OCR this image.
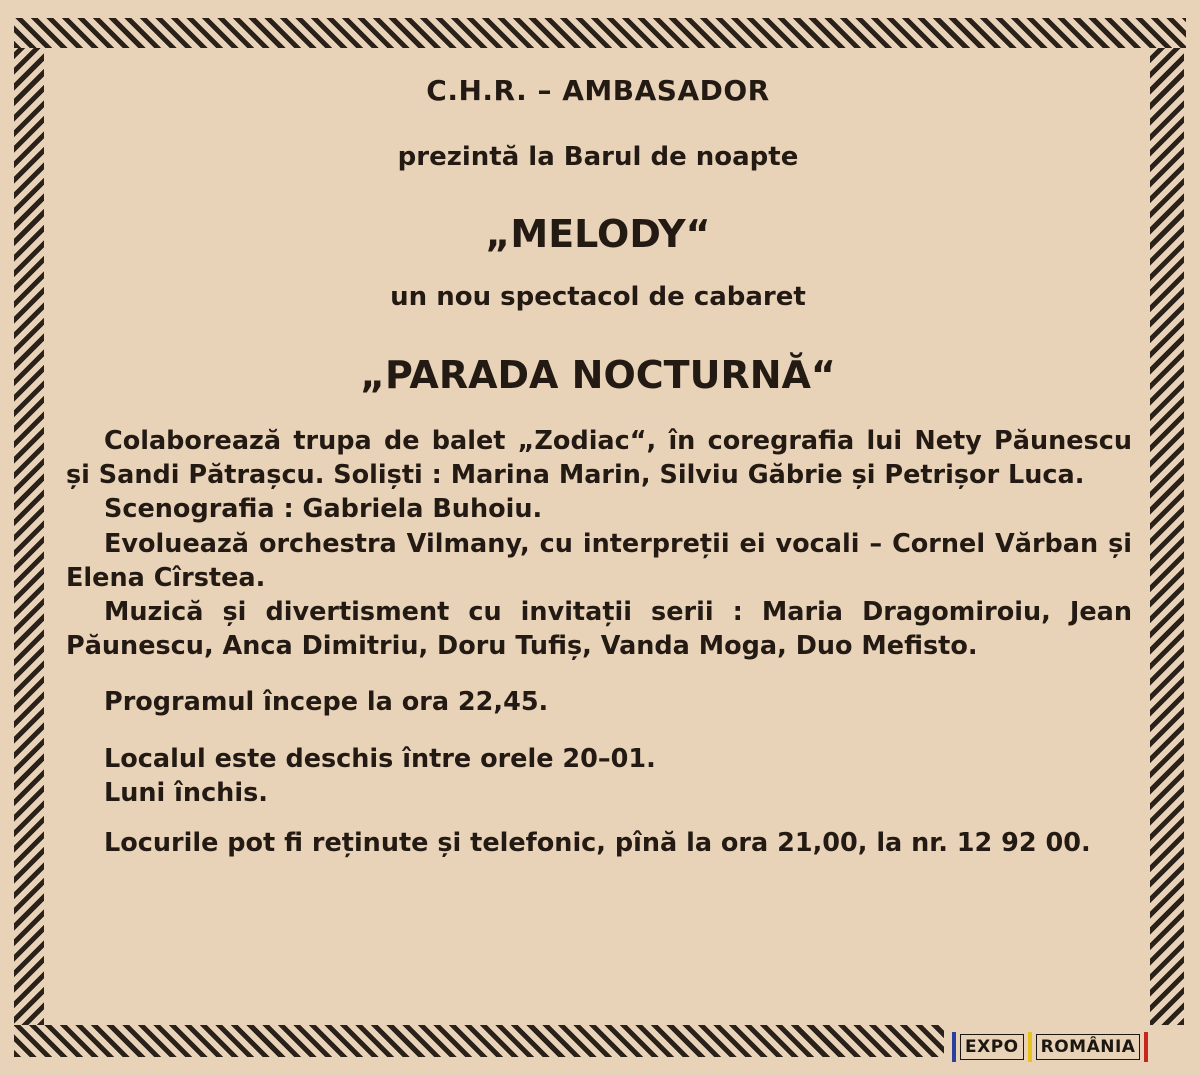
C.H.R. – AMBASADOR
prezintă la Barul de noapte
„MELODY“
un nou spectacol de cabaret
„PARADA NOCTURNĂ“

Colaborează trupa de balet „Zodiac“, în coregrafia lui Nety Păunescu și Sandi Pătrașcu. Soliști : Marina Marin, Silviu Găbrie și Petrișor Luca.

Scenografia : Gabriela Buhoiu.

Evoluează orchestra Vilmany, cu interpreții ei vocali – Cornel Vărban și Elena Cîrstea.

Muzică și divertisment cu invitații serii : Maria Dragomiroiu, Jean Păunescu, Anca Dimitriu, Doru Tufiș, Vanda Moga, Duo Mefisto.

Programul începe la ora 22,45.

Localul este deschis între orele 20–01.

Luni închis.

Locurile pot fi reținute și telefonic, pînă la ora 21,00, la nr. 12 92 00.

EXPO ROMÂNIA
